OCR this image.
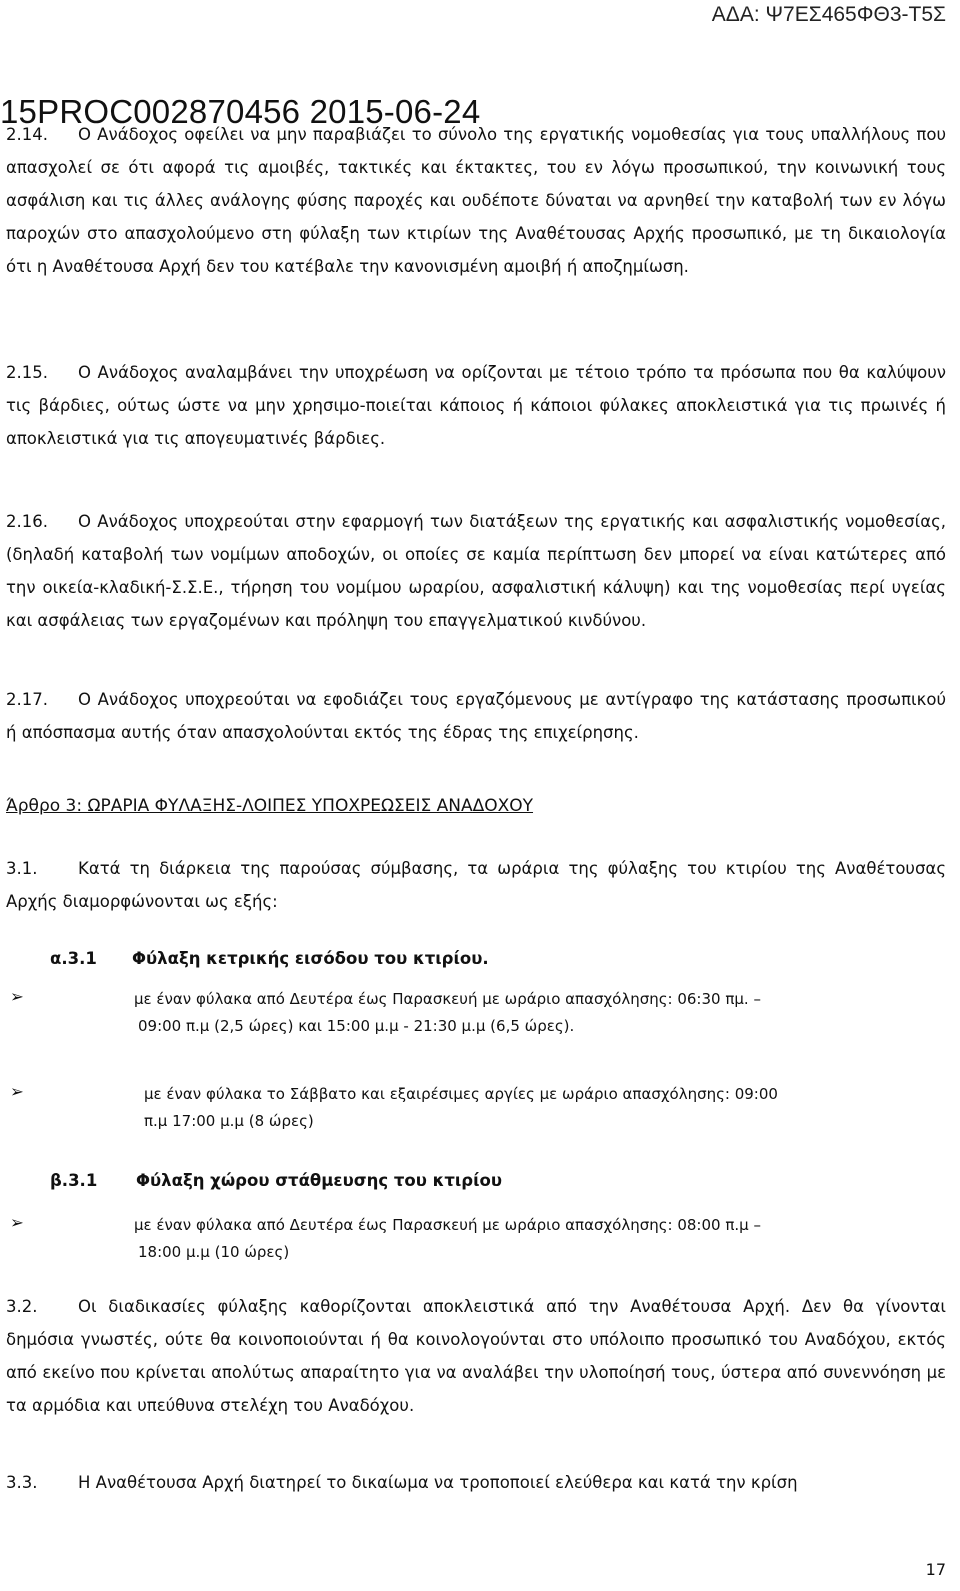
ΑΔΑ: Ψ7ΕΣ465ΦΘ3-Τ5Σ
15PROC002870456 2015-06-24
2.14. Ο Ανάδοχος οφείλει να μην παραβιάζει το σύνολο της εργατικής νομοθεσίας για τους υπαλλήλους που απασχολεί σε ότι αφορά τις αμοιβές, τακτικές και έκτακτες, του εν λόγω προσωπικού, την κοινωνική τους ασφάλιση και τις άλλες ανάλογης φύσης παροχές και ουδέποτε δύναται να αρνηθεί την καταβολή των εν λόγω παροχών στο απασχολούμενο στη φύλαξη των κτιρίων της Αναθέτουσας Αρχής προσωπικό, με τη δικαιολογία ότι η Αναθέτουσα Αρχή δεν του κατέβαλε την κανονισμένη αμοιβή ή αποζημίωση.
2.15. Ο Ανάδοχος αναλαμβάνει την υποχρέωση να ορίζονται με τέτοιο τρόπο τα πρόσωπα που θα καλύψουν τις βάρδιες, ούτως ώστε να μην χρησιμο-ποιείται κάποιος ή κάποιοι φύλακες αποκλειστικά για τις πρωινές ή αποκλειστικά για τις απογευματινές βάρδιες.
2.16. Ο Ανάδοχος υποχρεούται στην εφαρμογή των διατάξεων της εργατικής και ασφαλιστικής νομοθεσίας, (δηλαδή καταβολή των νομίμων αποδοχών, οι οποίες σε καμία περίπτωση δεν μπορεί να είναι κατώτερες από την οικεία-κλαδική-Σ.Σ.Ε., τήρηση του νομίμου ωραρίου, ασφαλιστική κάλυψη) και της νομοθεσίας περί υγείας και ασφάλειας των εργαζομένων και πρόληψη του επαγγελματικού κινδύνου.
2.17. Ο Ανάδοχος υποχρεούται να εφοδιάζει τους εργαζόμενους με αντίγραφο της κατάστασης προσωπικού ή απόσπασμα αυτής όταν απασχολούνται εκτός της έδρας της επιχείρησης.
Άρθρο 3: ΩΡΑΡΙΑ ΦΥΛΑΞΗΣ-ΛΟΙΠΕΣ ΥΠΟΧΡΕΩΣΕΙΣ ΑΝΑΔΟΧΟΥ
3.1. Κατά τη διάρκεια της παρούσας σύμβασης, τα ωράρια της φύλαξης του κτιρίου της Αναθέτουσας Αρχής διαμορφώνονται ως εξής:
α.3.1 Φύλαξη κετρικής εισόδου του κτιρίου.
➢	με έναν φύλακα από Δευτέρα έως Παρασκευή με ωράριο απασχόλησης: 06:30 πμ. –
09:00 π.μ (2,5 ώρες) και 15:00 μ.μ - 21:30 μ.μ (6,5 ώρες).
➢	με έναν φύλακα το Σάββατο και εξαιρέσιμες αργίες με ωράριο απασχόλησης: 09:00
π.μ 17:00 μ.μ (8 ώρες)
β.3.1 Φύλαξη χώρου στάθμευσης του κτιρίου
➢	με έναν φύλακα από Δευτέρα έως Παρασκευή με ωράριο απασχόλησης: 08:00 π.μ –
18:00 μ.μ (10 ώρες)
3.2. Οι διαδικασίες φύλαξης καθορίζονται αποκλειστικά από την Αναθέτουσα Αρχή. Δεν θα γίνονται δημόσια γνωστές, ούτε θα κοινοποιούνται ή θα κοινολογούνται στο υπόλοιπο προσωπικό του Αναδόχου, εκτός από εκείνο που κρίνεται απολύτως απαραίτητο για να αναλάβει την υλοποίησή τους, ύστερα από συνεννόηση με τα αρμόδια και υπεύθυνα στελέχη του Αναδόχου.
3.3. Η Αναθέτουσα Αρχή διατηρεί το δικαίωμα να τροποποιεί ελεύθερα και κατά την κρίση
17
